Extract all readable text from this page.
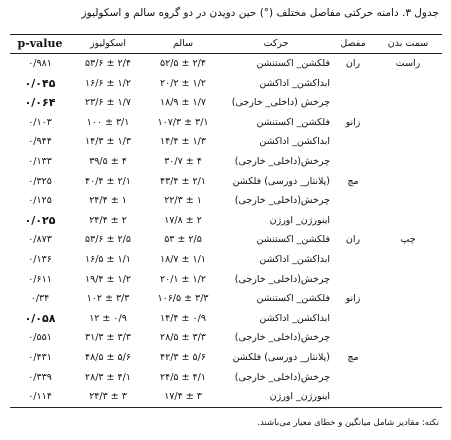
جدول ۳. دامنه حرکتی مفاصل مختلف (°) حین دویدن در دو گروه سالم و اسکولیوز
p-value	اسکولیوز	سالم	حرکت	مفصل	سمت بدن
۰/۹۸۱	۵۳/۶ ± ۲/۴	۵۲/۵ ± ۲/۴	فلکشن_ اکستنشن	ران	راست
۰/۰۴۵	۱۶/۶ ± ۱/۲	۲۰/۲ ± ۱/۲	ابداکشن_ اداکشن		
۰/۰۶۴	۲۳/۶ ± ۱/۷	۱۸/۹ ± ۱/۷	چرخش (داخلی_ خارجی)		
۰/۱۰۳	۱۰۰ ± ۳/۱	۱۰۷/۳ ± ۳/۱	فلکشن_ اکستنشن	زانو	
۰/۹۴۴	۱۴/۳ ± ۱/۳	۱۴/۴ ± ۱/۳	ابداکشن_ اداکشن		
۰/۱۳۳	۳۹/۵ ± ۴	۳۰/۷ ± ۴	چرخش(داخلی_ خارجی)		
۰/۳۲۵	۴۰/۴ ± ۲/۱	۴۳/۴ ± ۲/۱	(پلانتار_ دورسی) فلکشن	مچ	
۰/۱۲۵	۲۴/۴ ± ۱	۲۲/۳ ± ۱	چرخش(داخلی_ خارجی)		
۰/۰۲۵	۲۴/۴ ± ۲	۱۷/۸ ± ۲	اینورژن_ اورژن		
۰/۸۷۳	۵۳/۶ ± ۲/۵	۵۳ ± ۲/۵	فلکشن_ اکستنشن	ران	چپ
۰/۱۳۶	۱۶/۵ ± ۱/۱	۱۸/۷ ± ۱/۱	ابداکشن_ اداکشن		
۰/۶۱۱	۱۹/۴ ± ۱/۲	۲۰/۱ ± ۱/۲	چرخش(داخلی_ خارجی)		
۰/۳۴	۱۰۲ ± ۳/۳	۱۰۶/۵ ± ۳/۳	فلکشن_ اکستنشن	زانو	
۰/۰۵۸	۱۲ ± ۰/۹	۱۴/۴ ± ۰/۹	ابداکشن_ اداکشن		
۰/۵۵۱	۳۱/۳ ± ۳/۳	۲۸/۵ ± ۳/۳	چرخش(داخلی_ خارجی)		
۰/۴۳۱	۴۸/۵ ± ۵/۶	۴۲/۳ ± ۵/۶	(پلانتار_ دورسی) فلکشن	مچ	
۰/۳۳۹	۲۸/۳ ± ۴/۱	۲۴/۵ ± ۴/۱	چرخش(داخلی_ خارجی)		
۰/۱۱۴	۲۴/۳ ± ۳	۱۷/۴ ± ۳	اینورژن_ اورژن		
نکته: مقادیر شامل میانگین و خطای معیار می‌باشند.
